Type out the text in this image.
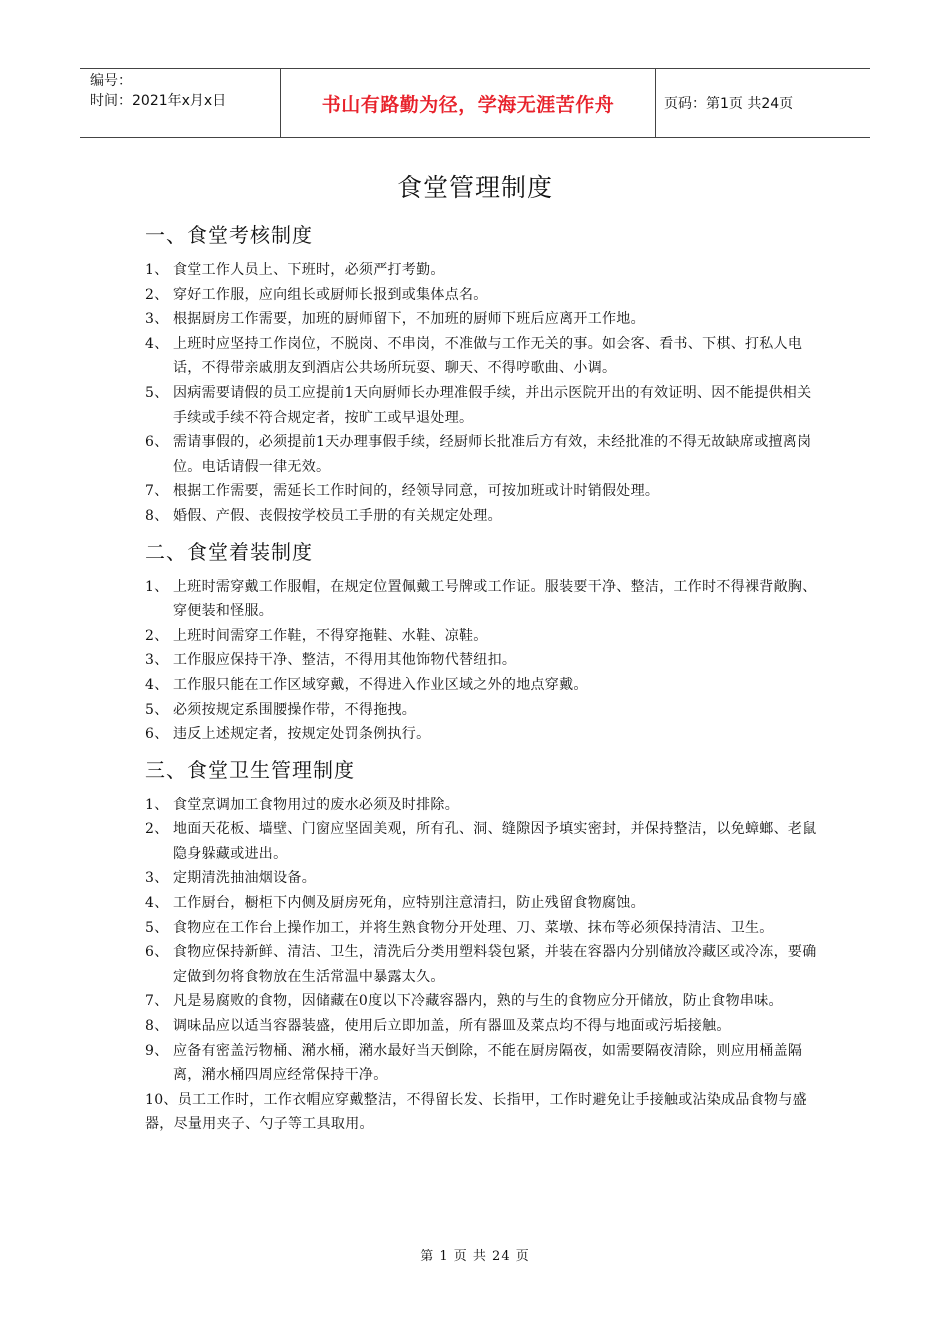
编号：
时间：2021年x月x日	书山有路勤为径，学海无涯苦作舟	页码：第1页 共24页
食堂管理制度
一、食堂考核制度
1、 食堂工作人员上、下班时，必须严打考勤。
2、 穿好工作服，应向组长或厨师长报到或集体点名。
3、 根据厨房工作需要，加班的厨师留下，不加班的厨师下班后应离开工作地。
4、 上班时应坚持工作岗位，不脱岗、不串岗，不准做与工作无关的事。如会客、看书、下棋、打私人电话，不得带亲戚朋友到酒店公共场所玩耍、聊天、不得哼歌曲、小调。
5、 因病需要请假的员工应提前1天向厨师长办理准假手续，并出示医院开出的有效证明、因不能提供相关手续或手续不符合规定者，按旷工或早退处理。
6、 需请事假的，必须提前1天办理事假手续，经厨师长批准后方有效，未经批准的不得无故缺席或擅离岗位。电话请假一律无效。
7、 根据工作需要，需延长工作时间的，经领导同意，可按加班或计时销假处理。
8、 婚假、产假、丧假按学校员工手册的有关规定处理。
二、食堂着装制度
1、 上班时需穿戴工作服帽，在规定位置佩戴工号牌或工作证。服装要干净、整洁，工作时不得裸背敞胸、穿便装和怪服。
2、 上班时间需穿工作鞋，不得穿拖鞋、水鞋、凉鞋。
3、 工作服应保持干净、整洁，不得用其他饰物代替纽扣。
4、 工作服只能在工作区域穿戴，不得进入作业区域之外的地点穿戴。
5、 必须按规定系围腰操作带，不得拖拽。
6、 违反上述规定者，按规定处罚条例执行。
三、食堂卫生管理制度
1、 食堂烹调加工食物用过的废水必须及时排除。
2、 地面天花板、墙壁、门窗应坚固美观，所有孔、洞、缝隙因予填实密封，并保持整洁，以免蟑螂、老鼠隐身躲藏或进出。
3、 定期清洗抽油烟设备。
4、 工作厨台，橱柜下内侧及厨房死角，应特别注意清扫，防止残留食物腐蚀。
5、 食物应在工作台上操作加工，并将生熟食物分开处理、刀、菜墩、抹布等必须保持清洁、卫生。
6、 食物应保持新鲜、清洁、卫生，清洗后分类用塑料袋包紧，并装在容器内分别储放冷藏区或冷冻，要确定做到勿将食物放在生活常温中暴露太久。
7、 凡是易腐败的食物，因储藏在0度以下冷藏容器内，熟的与生的食物应分开储放，防止食物串味。
8、 调味品应以适当容器装盛，使用后立即加盖，所有器皿及菜点均不得与地面或污垢接触。
9、 应备有密盖污物桶、潲水桶，潲水最好当天倒除，不能在厨房隔夜，如需要隔夜清除，则应用桶盖隔离，潲水桶四周应经常保持干净。
10、员工工作时，工作衣帽应穿戴整洁，不得留长发、长指甲，工作时避免让手接触或沾染成品食物与盛器，尽量用夹子、勺子等工具取用。
第 1 页 共 24 页
